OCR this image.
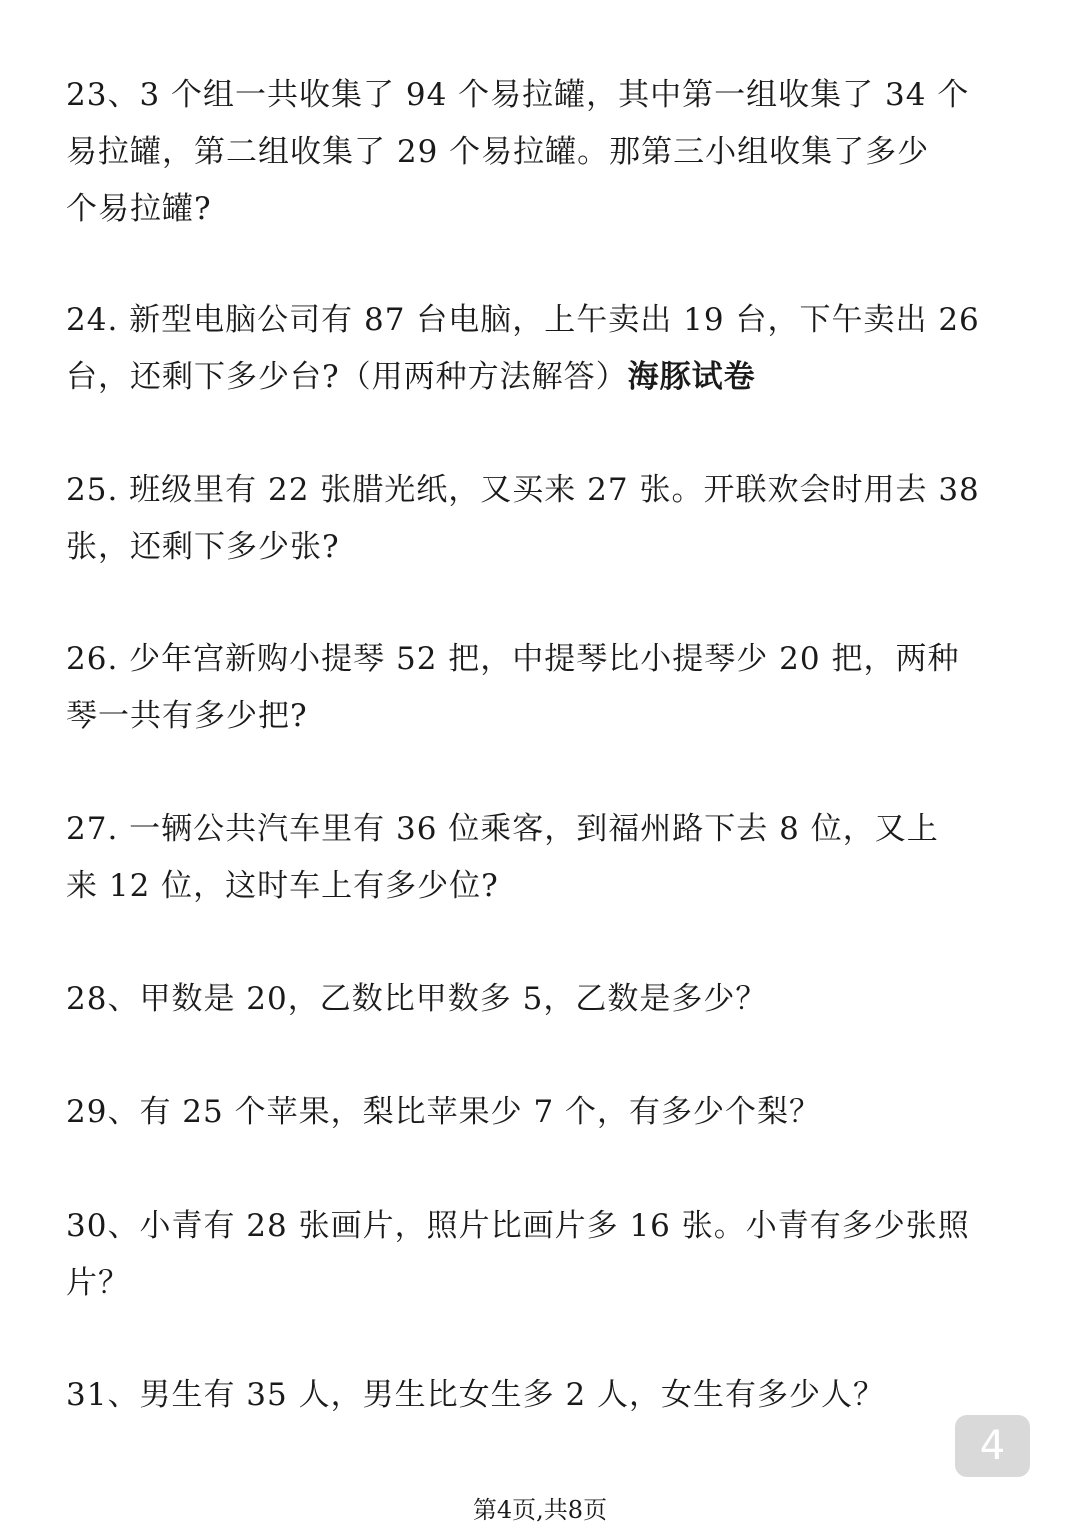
23、3 个组一共收集了 94 个易拉罐，其中第一组收集了 34 个
易拉罐，第二组收集了 29 个易拉罐。那第三小组收集了多少
个易拉罐?
24. 新型电脑公司有 87 台电脑，上午卖出 19 台，下午卖出 26
台，还剩下多少台?（用两种方法解答）海豚试卷
25. 班级里有 22 张腊光纸，又买来 27 张。开联欢会时用去 38
张，还剩下多少张?
26. 少年宫新购小提琴 52 把，中提琴比小提琴少 20 把，两种
琴一共有多少把?
27. 一辆公共汽车里有 36 位乘客，到福州路下去 8 位，又上
来 12 位，这时车上有多少位?
28、甲数是 20，乙数比甲数多 5，乙数是多少？
29、有 25 个苹果，梨比苹果少 7 个，有多少个梨？
30、小青有 28 张画片，照片比画片多 16 张。小青有多少张照
片？
31、男生有 35 人，男生比女生多 2 人，女生有多少人？
4
第4页,共8页
